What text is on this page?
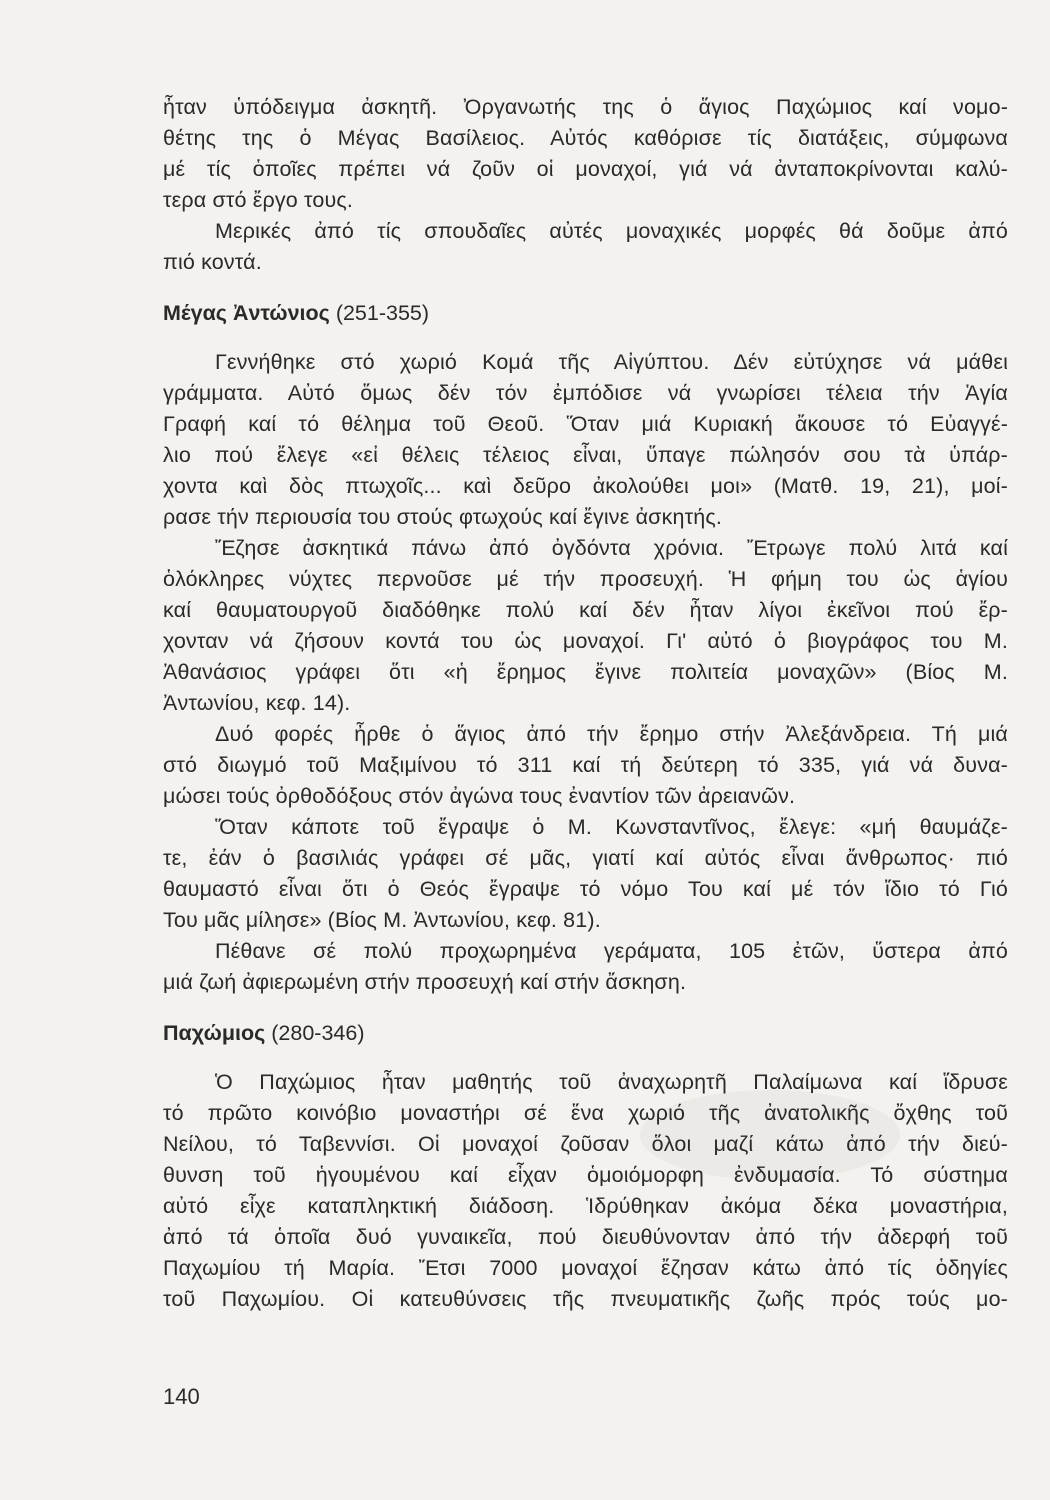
ἦταν ὑπόδειγμα ἀσκητῆ. Ὀργανωτής της ὁ ἅγιος Παχώμιος καί νομο-
θέτης της ὁ Μέγας Βασίλειος. Αὐτός καθόρισε τίς διατάξεις, σύμφωνα
μέ τίς ὁποῖες πρέπει νά ζοῦν οἱ μοναχοί, γιά νά ἀνταποκρίνονται καλύ-
τερα στό ἔργο τους.
Μερικές ἀπό τίς σπουδαῖες αὐτές μοναχικές μορφές θά δοῦμε ἀπό
πιό κοντά.
Μέγας Ἀντώνιος (251-355)
Γεννήθηκε στό χωριό Κομά τῆς Αἰγύπτου. Δέν εὐτύχησε νά μάθει
γράμματα. Αὐτό ὅμως δέν τόν ἐμπόδισε νά γνωρίσει τέλεια τήν Ἁγία
Γραφή καί τό θέλημα τοῦ Θεοῦ. Ὅταν μιά Κυριακή ἄκουσε τό Εὐαγγέ-
λιο πού ἔλεγε «εἰ θέλεις τέλειος εἶναι, ὕπαγε πώλησόν σου τὰ ὑπάρ-
χοντα καὶ δὸς πτωχοῖς... καὶ δεῦρο ἀκολούθει μοι» (Ματθ. 19, 21), μοί-
ρασε τήν περιουσία του στούς φτωχούς καί ἔγινε ἀσκητής.
Ἔζησε ἀσκητικά πάνω ἀπό ὀγδόντα χρόνια. Ἔτρωγε πολύ λιτά καί
ὁλόκληρες νύχτες περνοῦσε μέ τήν προσευχή. Ἡ φήμη του ὡς ἁγίου
καί θαυματουργοῦ διαδόθηκε πολύ καί δέν ἦταν λίγοι ἐκεῖνοι πού ἔρ-
χονταν νά ζήσουν κοντά του ὡς μοναχοί. Γι' αὐτό ὁ βιογράφος του Μ.
Ἀθανάσιος γράφει ὅτι «ἡ ἔρημος ἔγινε πολιτεία μοναχῶν» (Βίος Μ.
Ἀντωνίου, κεφ. 14).
Δυό φορές ἦρθε ὁ ἅγιος ἀπό τήν ἔρημο στήν Ἀλεξάνδρεια. Τή μιά
στό διωγμό τοῦ Μαξιμίνου τό 311 καί τή δεύτερη τό 335, γιά νά δυνα-
μώσει τούς ὀρθοδόξους στόν ἀγώνα τους ἐναντίον τῶν ἀρειανῶν.
Ὅταν κάποτε τοῦ ἔγραψε ὁ Μ. Κωνσταντῖνος, ἔλεγε: «μή θαυμάζε-
τε, ἐάν ὁ βασιλιάς γράφει σέ μᾶς, γιατί καί αὐτός εἶναι ἄνθρωπος· πιό
θαυμαστό εἶναι ὅτι ὁ Θεός ἔγραψε τό νόμο Του καί μέ τόν ἴδιο τό Γιό
Του μᾶς μίλησε» (Βίος Μ. Ἀντωνίου, κεφ. 81).
Πέθανε σέ πολύ προχωρημένα γεράματα, 105 ἐτῶν, ὕστερα ἀπό
μιά ζωή ἀφιερωμένη στήν προσευχή καί στήν ἄσκηση.
Παχώμιος (280-346)
Ὁ Παχώμιος ἦταν μαθητής τοῦ ἀναχωρητῆ Παλαίμωνα καί ἵδρυσε
τό πρῶτο κοινόβιο μοναστήρι σέ ἕνα χωριό τῆς ἀνατολικῆς ὄχθης τοῦ
Νείλου, τό Ταβεννίσι. Οἱ μοναχοί ζοῦσαν ὅλοι μαζί κάτω ἀπό τήν διεύ-
θυνση τοῦ ἡγουμένου καί εἶχαν ὁμοιόμορφη ἐνδυμασία. Τό σύστημα
αὐτό εἶχε καταπληκτική διάδοση. Ἱδρύθηκαν ἀκόμα δέκα μοναστήρια,
ἀπό τά ὁποῖα δυό γυναικεῖα, πού διευθύνονταν ἀπό τήν ἀδερφή τοῦ
Παχωμίου τή Μαρία. Ἔτσι 7000 μοναχοί ἔζησαν κάτω ἀπό τίς ὁδηγίες
τοῦ Παχωμίου. Οἱ κατευθύνσεις τῆς πνευματικῆς ζωῆς πρός τούς μο-
140
